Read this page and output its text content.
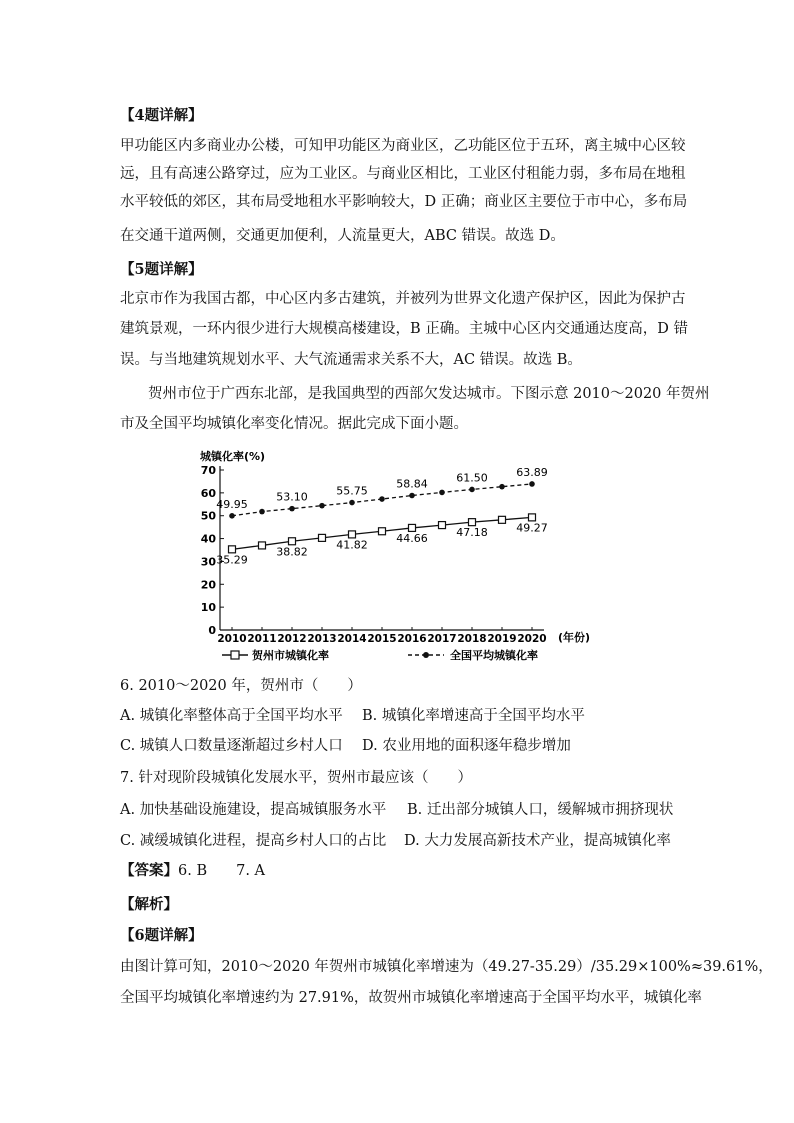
【4题详解】
甲功能区内多商业办公楼，可知甲功能区为商业区，乙功能区位于五环，离主城中心区较
远，且有高速公路穿过，应为工业区。与商业区相比，工业区付租能力弱，多布局在地租
水平较低的郊区，其布局受地租水平影响较大，D 正确；商业区主要位于市中心，多布局
在交通干道两侧，交通更加便利，人流量更大，ABC 错误。故选 D。
【5题详解】
北京市作为我国古都，中心区内多古建筑，并被列为世界文化遗产保护区，因此为保护古
建筑景观，一环内很少进行大规模高楼建设，B 正确。主城中心区内交通通达度高，D 错
误。与当地建筑规划水平、大气流通需求关系不大，AC 错误。故选 B。
贺州市位于广西东北部，是我国典型的西部欠发达城市。下图示意 2010～2020 年贺州
市及全国平均城镇化率变化情况。据此完成下面小题。
城镇化率(%)
(年份)
贺州市城镇化率	全国平均城镇化率
0
10
20
30
40
50
60
70
2010 2011 2012 2013 2014 2015 2016 2017 2018 2019 2020
35.29
38.82
41.82	44.66	47.18	49.27
49.95
53.10	55.75
58.84	61.50	63.89
6. 2010～2020 年，贺州市（　　）
A. 城镇化率整体高于全国平均水平	B. 城镇化率增速高于全国平均水平
C. 城镇人口数量逐渐超过乡村人口	D. 农业用地的面积逐年稳步增加
7. 针对现阶段城镇化发展水平，贺州市最应该（　　）
A. 加快基础设施建设，提高城镇服务水平	B. 迁出部分城镇人口，缓解城市拥挤现状
C. 减缓城镇化进程，提高乡村人口的占比	D. 大力发展高新技术产业，提高城镇化率
【答案】6. B　　7. A
【解析】
【6题详解】
由图计算可知，2010～2020 年贺州市城镇化率增速为（49.27-35.29）/35.29×100%≈39.61%，
全国平均城镇化率增速约为 27.91%，故贺州市城镇化率增速高于全国平均水平，城镇化率
